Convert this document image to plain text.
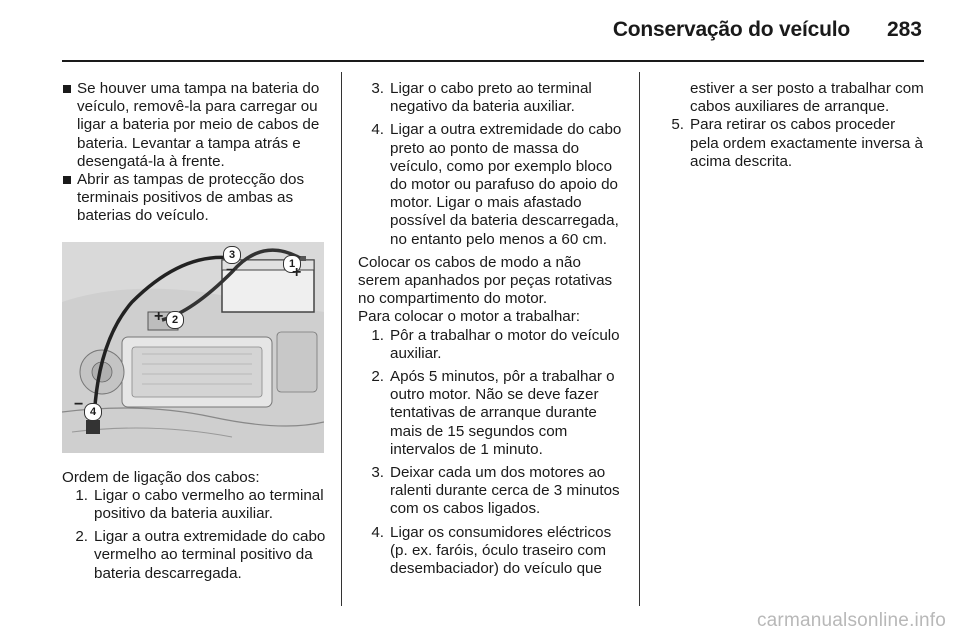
Conservação do veículo	283

Se houver uma tampa na bateria do veículo, removê-la para carregar ou ligar a bateria por meio de cabos de bateria. Levantar a tampa atrás e desengatá-la à frente.

Abrir as tampas de protecção dos terminais positivos de ambas as baterias do veículo.

1
2
3
4
+
+
−
−

Ordem de ligação dos cabos:

1. Ligar o cabo vermelho ao terminal positivo da bateria auxiliar.
2. Ligar a outra extremidade do cabo vermelho ao terminal positivo da bateria descarregada.
3. Ligar o cabo preto ao terminal negativo da bateria auxiliar.
4. Ligar a outra extremidade do cabo preto ao ponto de massa do veículo, como por exemplo bloco do motor ou parafuso do apoio do motor. Ligar o mais afastado possível da bateria descarregada, no entanto pelo menos a 60 cm.

Colocar os cabos de modo a não serem apanhados por peças rotativas no compartimento do motor.

Para colocar o motor a trabalhar:

1. Pôr a trabalhar o motor do veículo auxiliar.
2. Após 5 minutos, pôr a trabalhar o outro motor. Não se deve fazer tentativas de arranque durante mais de 15 segundos com intervalos de 1 minuto.
3. Deixar cada um dos motores ao ralenti durante cerca de 3 minutos com os cabos ligados.
4. Ligar os consumidores eléctricos (p. ex. faróis, óculo traseiro com desembaciador) do veículo que

estiver a ser posto a trabalhar com cabos auxiliares de arranque.

5. Para retirar os cabos proceder pela ordem exactamente inversa à acima descrita.
carmanualsonline.info
